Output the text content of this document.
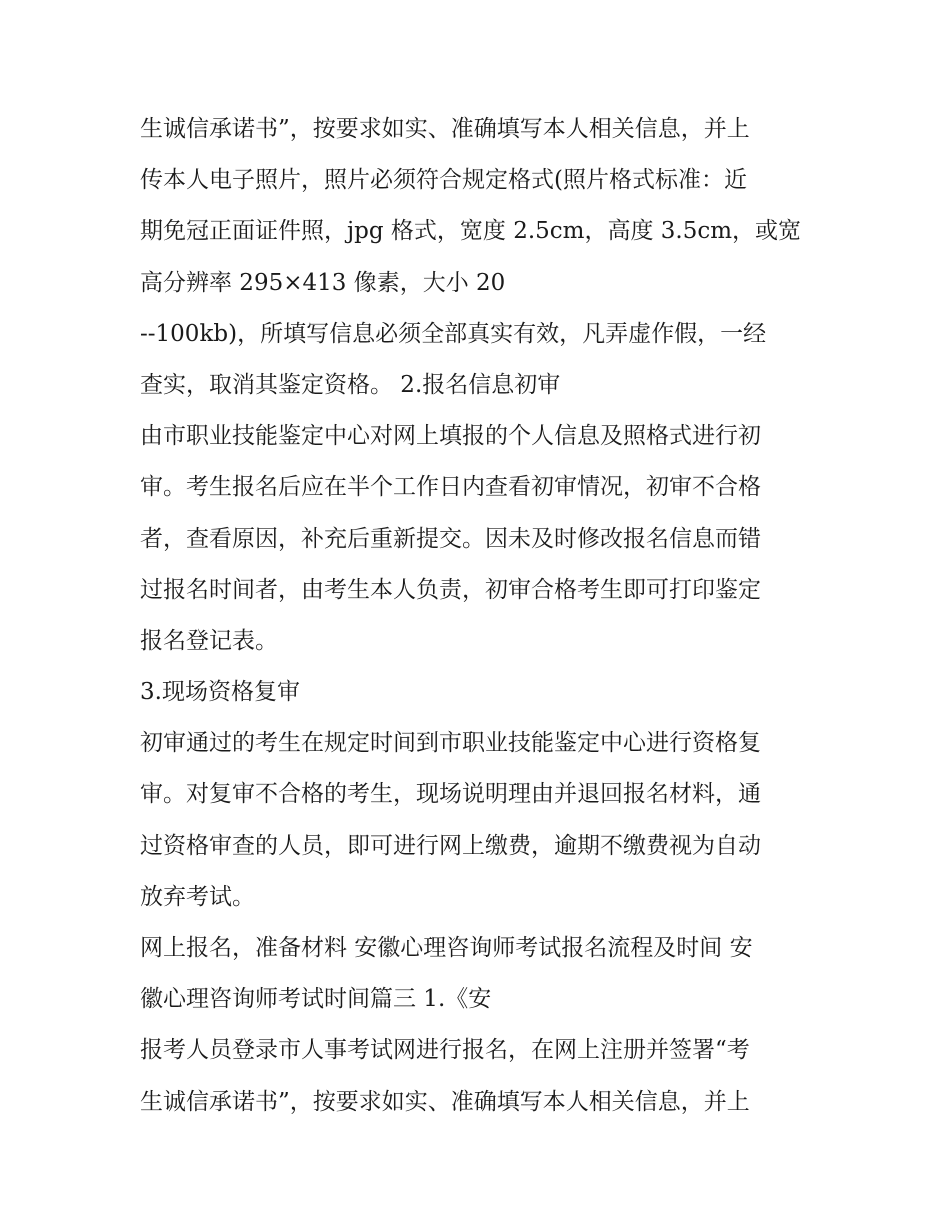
生诚信承诺书”，按要求如实、准确填写本人相关信息，并上
传本人电子照片，照片必须符合规定格式(照片格式标准：近
期免冠正面证件照，jpg 格式，宽度 2.5cm，高度 3.5cm，或宽
高分辨率 295×413 像素，大小 20
--100kb)，所填写信息必须全部真实有效，凡弄虚作假，一经
查实，取消其鉴定资格。 2.报名信息初审
由市职业技能鉴定中心对网上填报的个人信息及照格式进行初
审。考生报名后应在半个工作日内查看初审情况，初审不合格
者，查看原因，补充后重新提交。因未及时修改报名信息而错
过报名时间者，由考生本人负责，初审合格考生即可打印鉴定
报名登记表。
3.现场资格复审
初审通过的考生在规定时间到市职业技能鉴定中心进行资格复
审。对复审不合格的考生，现场说明理由并退回报名材料，通
过资格审查的人员，即可进行网上缴费，逾期不缴费视为自动
放弃考试。
网上报名，准备材料 安徽心理咨询师考试报名流程及时间 安
徽心理咨询师考试时间篇三 1.《安
报考人员登录市人事考试网进行报名，在网上注册并签署“考
生诚信承诺书”，按要求如实、准确填写本人相关信息，并上
